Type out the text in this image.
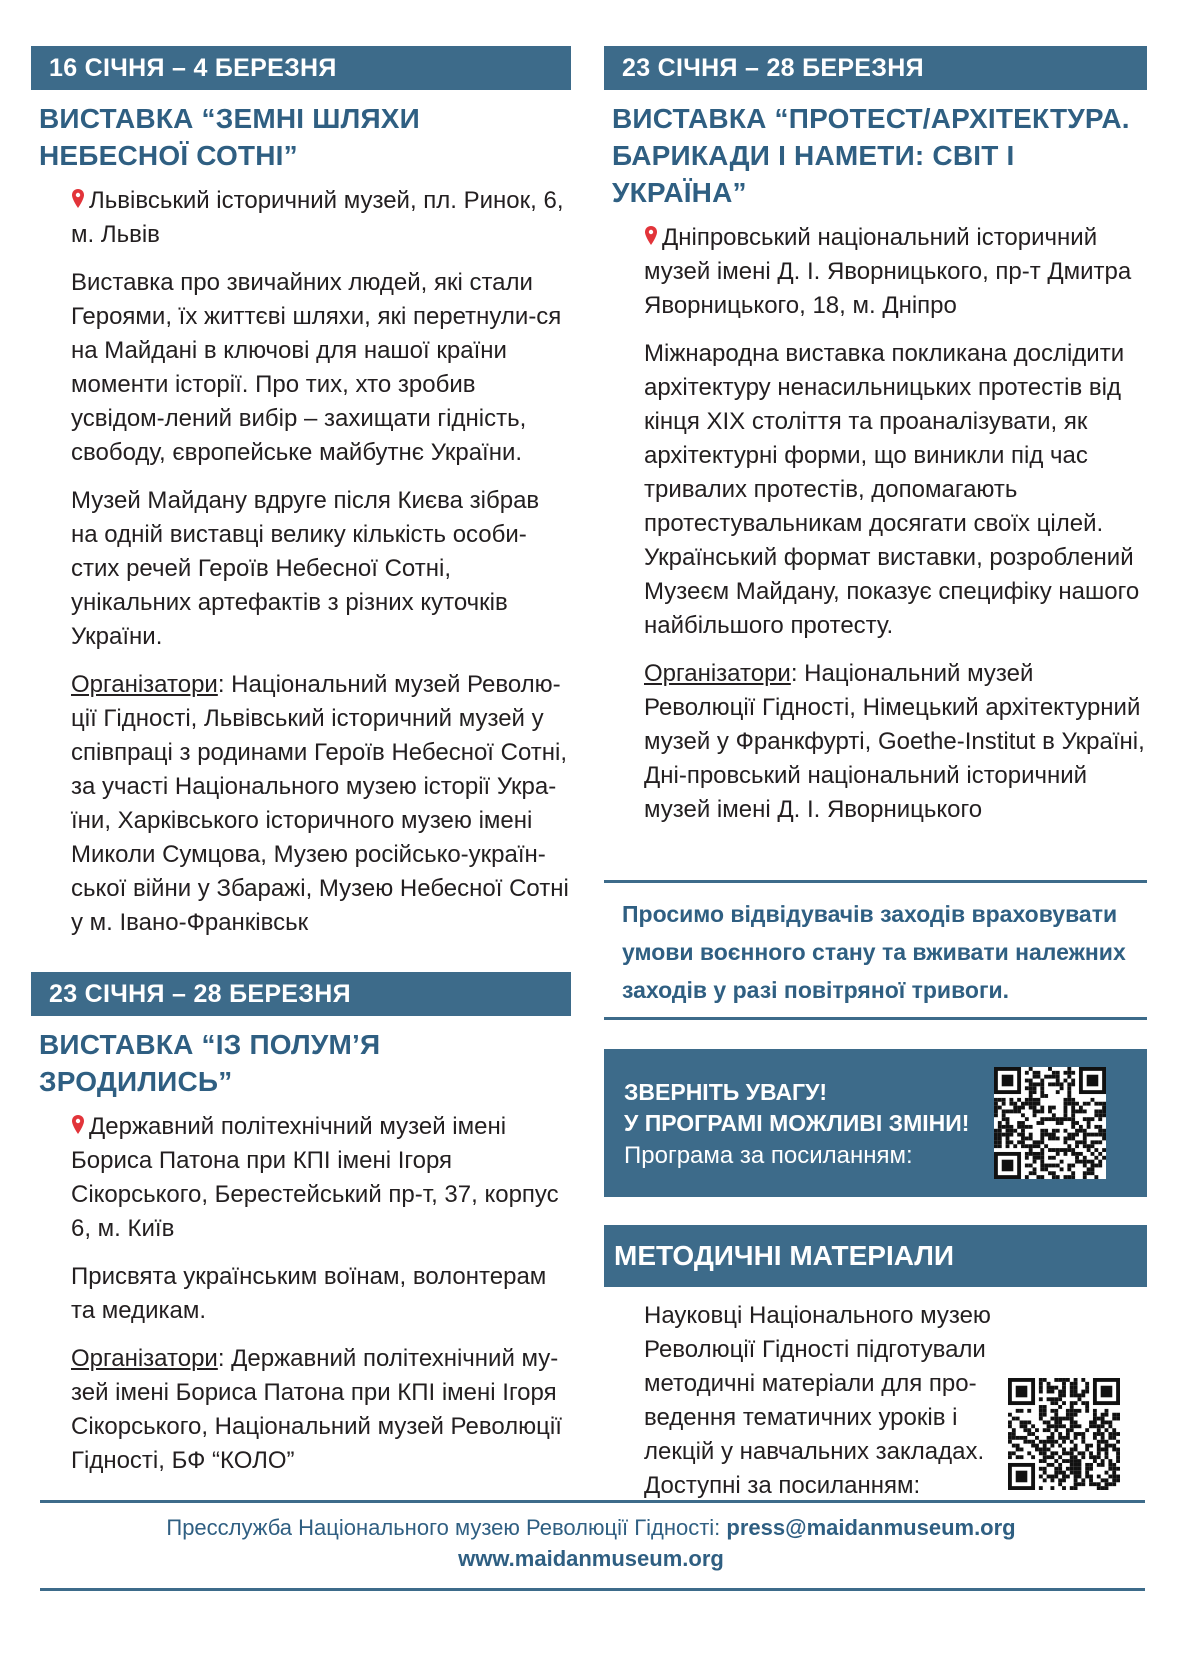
16 СІЧНЯ – 4 БЕРЕЗНЯ
ВИСТАВКА “ЗЕМНІ ШЛЯХИ НЕБЕСНОЇ СОТНІ”
Львівський історичний музей, пл. Ринок, 6, м. Львів
Виставка про звичайних людей, які стали Героями, їх життєві шляхи, які перетнули-ся на Майдані в ключові для нашої країни моменти історії. Про тих, хто зробив усвідом-лений вибір – захищати гідність, свободу, європейське майбутнє України.
Музей Майдану вдруге після Києва зібрав на одній виставці велику кількість особи-стих речей Героїв Небесної Сотні, унікальних артефактів з різних куточків України.
Організатори: Національний музей Револю-ції Гідності, Львівський історичний музей у співпраці з родинами Героїв Небесної Сотні, за участі Національного музею історії Укра-їни, Харківського історичного музею імені Миколи Сумцова, Музею російсько-україн-ської війни у Збаражі, Музею Небесної Сотні у м. Івано-Франківськ
23 СІЧНЯ – 28 БЕРЕЗНЯ
ВИСТАВКА “ІЗ ПОЛУМ’Я ЗРОДИЛИСЬ”
Державний політехнічний музей імені Бориса Патона при КПІ імені Ігоря Сікорського, Берестейський пр-т, 37, корпус 6, м. Київ
Присвята українським воїнам, волонтерам та медикам.
Організатори: Державний політехнічний му-зей імені Бориса Патона при КПІ імені Ігоря Сікорського, Національний музей Революції Гідності, БФ “КОЛО”
23 СІЧНЯ – 28 БЕРЕЗНЯ
ВИСТАВКА “ПРОТЕСТ/АРХІТЕКТУРА. БАРИКАДИ І НАМЕТИ: СВІТ І УКРАЇНА”
Дніпровський національний історичний музей імені Д. І. Яворницького, пр-т Дмитра Яворницького, 18, м. Дніпро
Міжнародна виставка покликана дослідити архітектуру ненасильницьких протестів від кінця XIX століття та проаналізувати, як архітектурні форми, що виникли під час тривалих протестів, допомагають протестувальникам досягати своїх цілей. Український формат виставки, розроблений Музеєм Майдану, показує специфіку нашого найбільшого протесту.
Організатори: Національний музей Революції Гідності, Німецький архітектурний музей у Франкфурті, Goethe-Institut в Україні, Дні-провський національний історичний музей імені Д. І. Яворницького
Просимо відвідувачів заходів враховувати умови воєнного стану та вживати належних заходів у разі повітряної тривоги.
ЗВЕРНІТЬ УВАГУ!
У ПРОГРАМІ МОЖЛИВІ ЗМІНИ!
Програма за посиланням:
МЕТОДИЧНІ МАТЕРІАЛИ
Науковці Національного музею Революції Гідності підготували методичні матеріали для про-ведення тематичних уроків і лекцій у навчальних закладах. Доступні за посиланням:
Пресслужба Національного музею Революції Гідності: press@maidanmuseum.org
www.maidanmuseum.org
